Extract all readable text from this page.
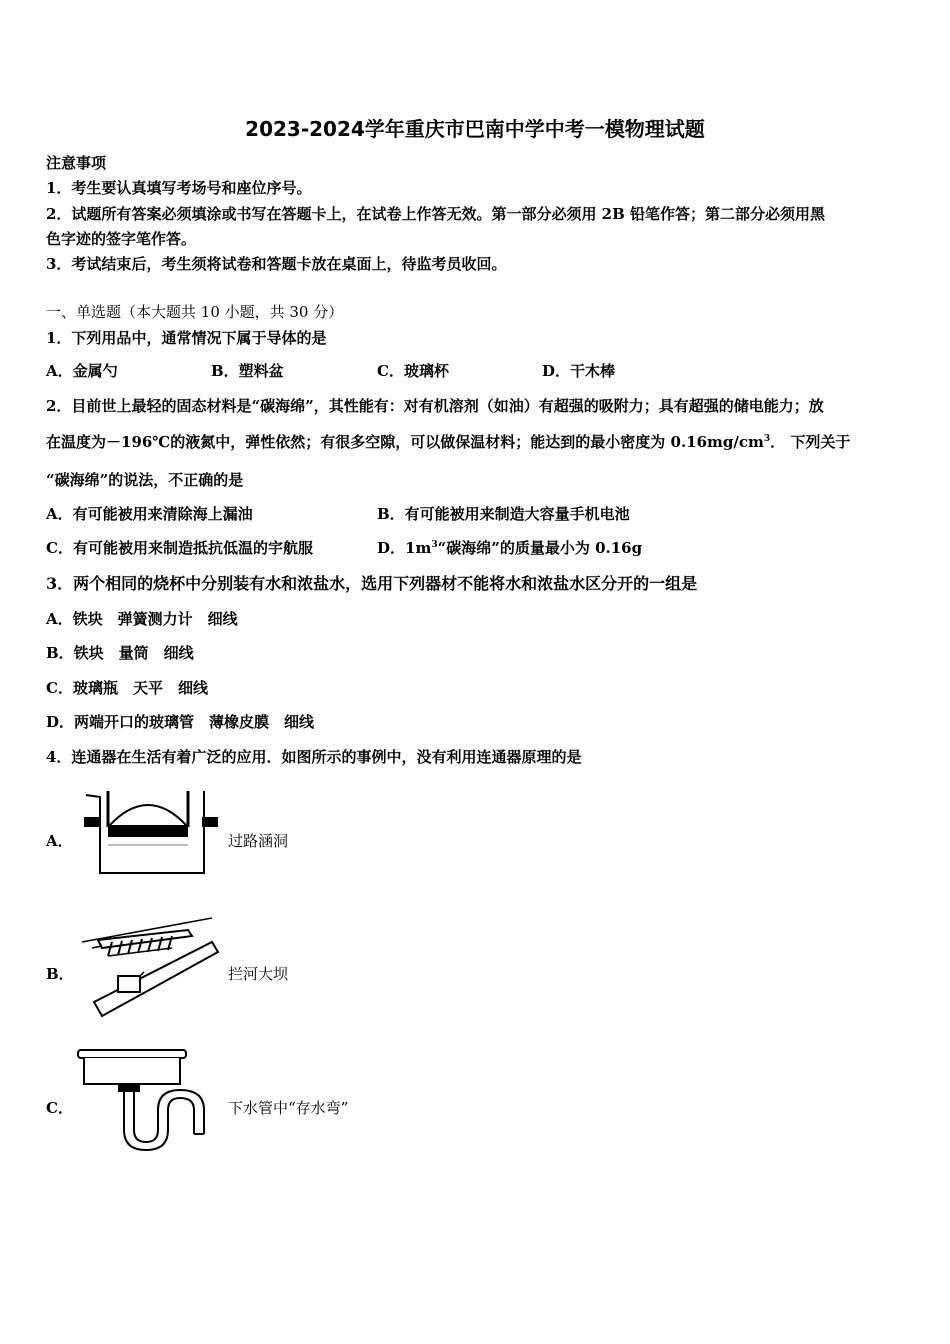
2023-2024学年重庆市巴南中学中考一模物理试题
注意事项
1．考生要认真填写考场号和座位序号。
2．试题所有答案必须填涂或书写在答题卡上，在试卷上作答无效。第一部分必须用 2B 铅笔作答；第二部分必须用黑
色字迹的签字笔作答。
3．考试结束后，考生须将试卷和答题卡放在桌面上，待监考员收回。
一、单选题（本大题共 10 小题，共 30 分）
1．下列用品中，通常情况下属于导体的是
A．金属勺	B．塑料盆	C．玻璃杯	D．干木棒
2．目前世上最轻的固态材料是“碳海绵”，其性能有：对有机溶剂（如油）有超强的吸附力；具有超强的储电能力；放
在温度为－196℃的液氮中，弹性依然；有很多空隙，可以做保温材料；能达到的最小密度为 $0.16mg/cm^3$． 下列关于
“碳海绵”的说法，不正确的是
A．有可能被用来清除海上漏油	B．有可能被用来制造大容量手机电池
C．有可能被用来制造抵抗低温的宇航服	D．$1m^3“$碳海绵”的质量最小为 0.16g
3．两个相同的烧杯中分别装有水和浓盐水，选用下列器材不能将水和浓盐水区分开的一组是
A．铁块　弹簧测力计　细线
B．铁块　量筒　细线
C．玻璃瓶　天平　细线
D．两端开口的玻璃管　薄橡皮膜　细线
4．连通器在生活有着广泛的应用．如图所示的事例中，没有利用连通器原理的是
A．	过路涵洞
B．	拦河大坝
C．	下水管中“存水弯”
